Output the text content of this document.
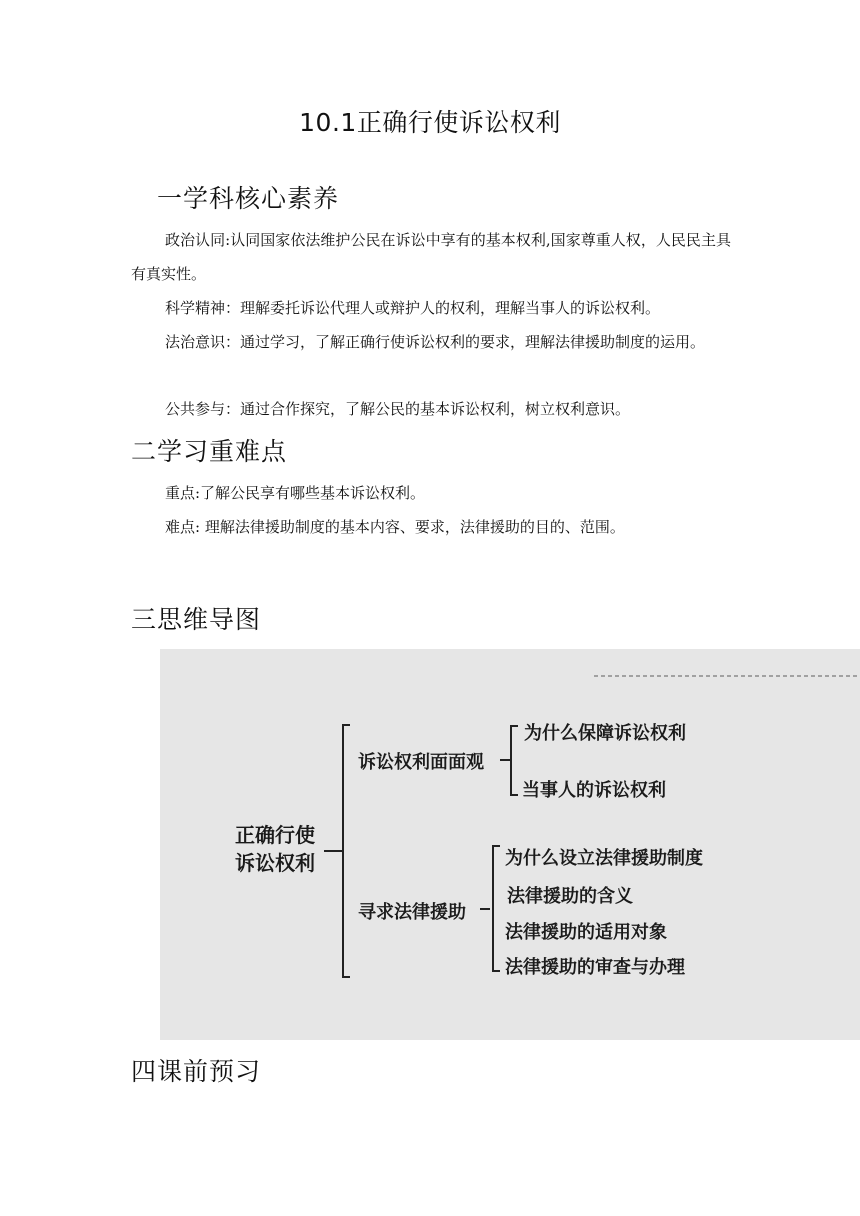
10.1正确行使诉讼权利
一学科核心素养
政治认同:认同国家依法维护公民在诉讼中享有的基本权利,国家尊重人权，人民民主具有真实性。
科学精神：理解委托诉讼代理人或辩护人的权利，理解当事人的诉讼权利。
法治意识：通过学习，了解正确行使诉讼权利的要求，理解法律援助制度的运用。
公共参与：通过合作探究，了解公民的基本诉讼权利，树立权利意识。
二学习重难点
重点:了解公民享有哪些基本诉讼权利。
难点: 理解法律援助制度的基本内容、要求，法律援助的目的、范围。
三思维导图
正确行使
诉讼权利
诉讼权利面面观
为什么保障诉讼权利
当事人的诉讼权利
寻求法律援助
为什么设立法律援助制度
法律援助的含义
法律援助的适用对象
法律援助的审查与办理
四课前预习
